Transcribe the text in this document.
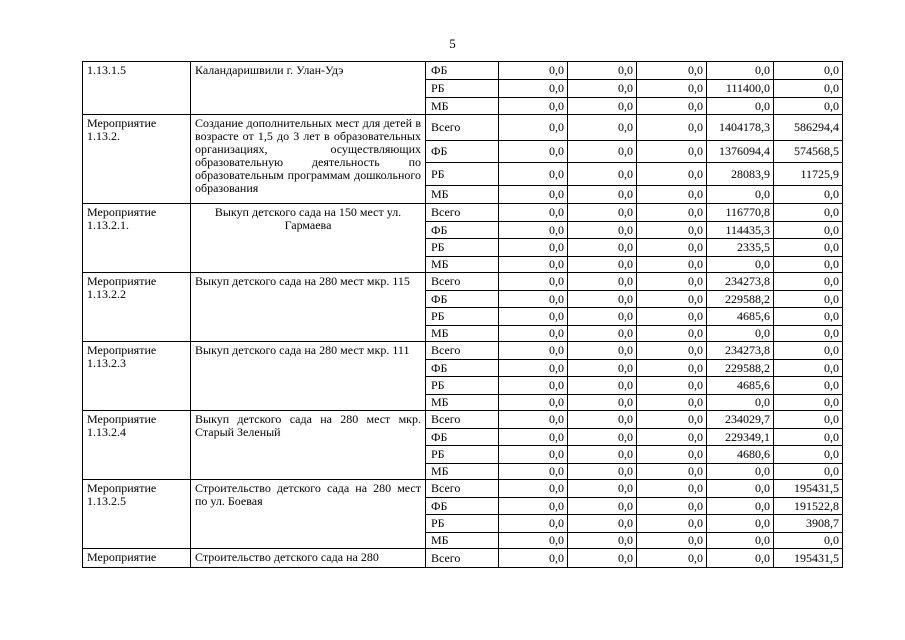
5
1.13.1.5	Каландаришвили г. Улан-Удэ	ФБ	0,0	0,0	0,0	0,0	0,0
		РБ	0,0	0,0	0,0	111400,0	0,0
		МБ	0,0	0,0	0,0	0,0	0,0
Мероприятие 1.13.2.	Создание дополнительных мест для детей в возрасте от 1,5 до 3 лет в образовательных организациях, осуществляющих образовательную деятельность по образовательным программам дошкольного образования	Всего	0,0	0,0	0,0	1404178,3	586294,4
		ФБ	0,0	0,0	0,0	1376094,4	574568,5
		РБ	0,0	0,0	0,0	28083,9	11725,9
		МБ	0,0	0,0	0,0	0,0	0,0
Мероприятие 1.13.2.1.	Выкуп детского сада на 150 мест ул. Гармаева	Всего	0,0	0,0	0,0	116770,8	0,0
		ФБ	0,0	0,0	0,0	114435,3	0,0
		РБ	0,0	0,0	0,0	2335,5	0,0
		МБ	0,0	0,0	0,0	0,0	0,0
Мероприятие 1.13.2.2	Выкуп детского сада на 280 мест мкр. 115	Всего	0,0	0,0	0,0	234273,8	0,0
		ФБ	0,0	0,0	0,0	229588,2	0,0
		РБ	0,0	0,0	0,0	4685,6	0,0
		МБ	0,0	0,0	0,0	0,0	0,0
Мероприятие 1.13.2.3	Выкуп детского сада на 280 мест мкр. 111	Всего	0,0	0,0	0,0	234273,8	0,0
		ФБ	0,0	0,0	0,0	229588,2	0,0
		РБ	0,0	0,0	0,0	4685,6	0,0
		МБ	0,0	0,0	0,0	0,0	0,0
Мероприятие 1.13.2.4	Выкуп детского сада на 280 мест мкр. Старый Зеленый	Всего	0,0	0,0	0,0	234029,7	0,0
		ФБ	0,0	0,0	0,0	229349,1	0,0
		РБ	0,0	0,0	0,0	4680,6	0,0
		МБ	0,0	0,0	0,0	0,0	0,0
Мероприятие 1.13.2.5	Строительство детского сада на 280 мест по ул. Боевая	Всего	0,0	0,0	0,0	0,0	195431,5
		ФБ	0,0	0,0	0,0	0,0	191522,8
		РБ	0,0	0,0	0,0	0,0	3908,7
		МБ	0,0	0,0	0,0	0,0	0,0
Мероприятие	Строительство детского сада на 280	Всего	0,0	0,0	0,0	0,0	195431,5
